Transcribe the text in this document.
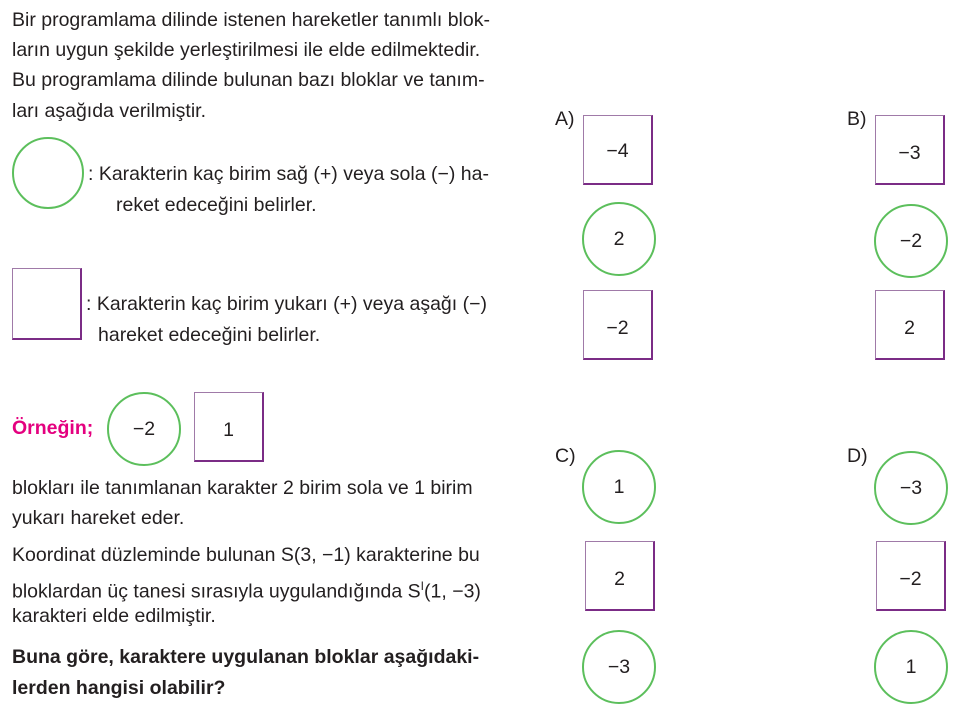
Bir programlama dilinde istenen hareketler tanımlı blok-
ların uygun şekilde yerleştirilmesi ile elde edilmektedir.
Bu programlama dilinde bulunan bazı bloklar ve tanım-
ları aşağıda verilmiştir.
: Karakterin kaç birim sağ (+) veya sola (−) ha-
reket edeceğini belirler.
: Karakterin kaç birim yukarı (+) veya aşağı (−)
hareket edeceğini belirler.
Örneğin; −2	1
blokları ile tanımlanan karakter 2 birim sola ve 1 birim
yukarı hareket eder.
Koordinat düzleminde bulunan S(3, −1) karakterine bu
bloklardan üç tanesi sırasıyla uygulandığında $S^I(1$, −3)
karakteri elde edilmiştir.
Buna göre, karaktere uygulanan bloklar aşağıdaki-
lerden hangisi olabilir?
A)
−4
2
−2
B)
−3
−2
2
C)
1
2
−3
D)
−3
−2
1
